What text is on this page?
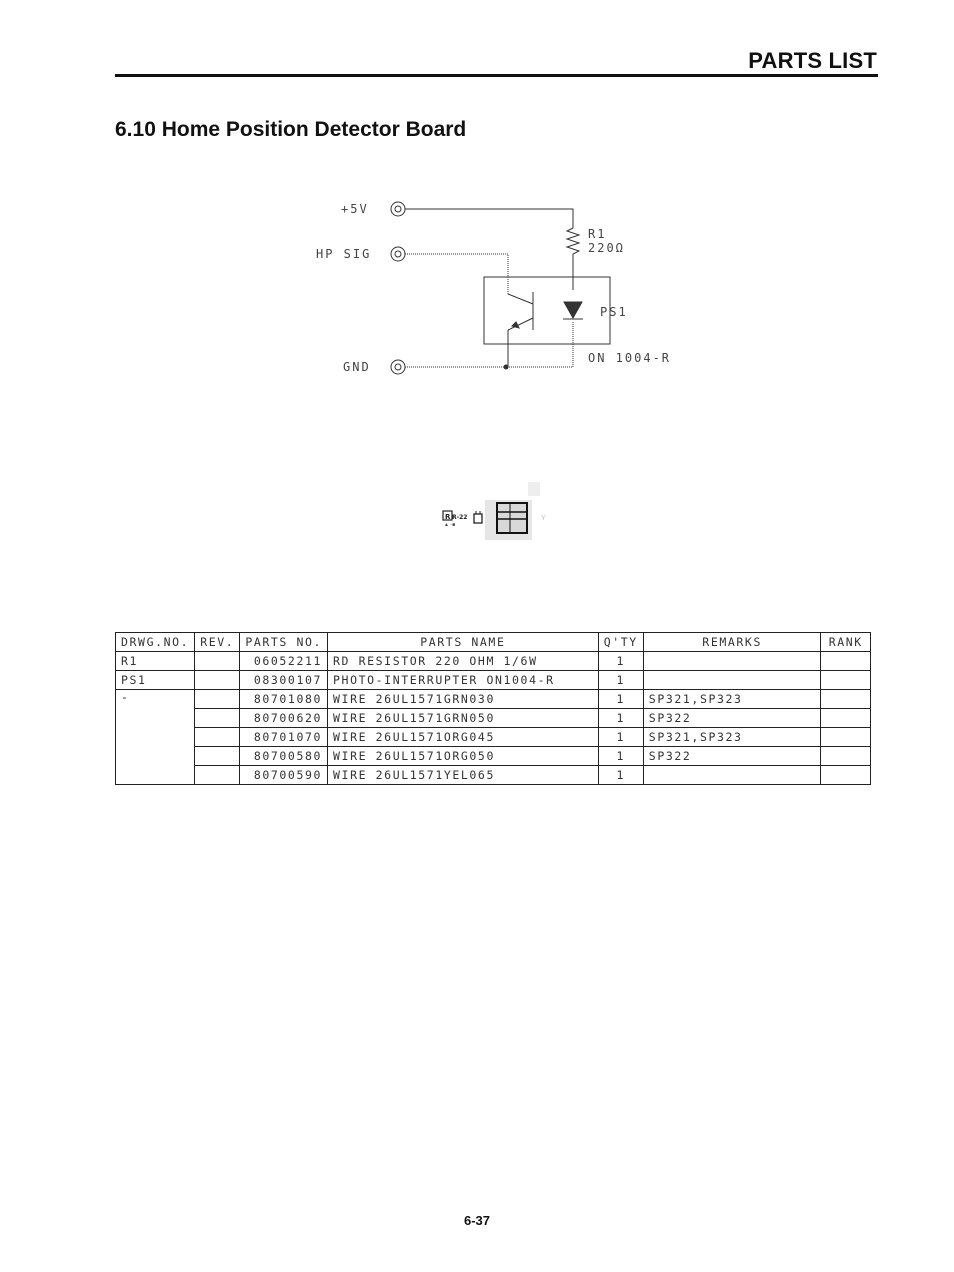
PARTS LIST
6.10 Home Position Detector Board
+5V
HP SIG
GND
R1
220Ω
PS1
ON 1004-R
R R-22
▲ ◦■
Y
DRWG.NO.	REV.	PARTS NO.	PARTS NAME	Q'TY	REMARKS	RANK
R1		06052211	RD RESISTOR 220 OHM 1/6W	1		
PS1		08300107	PHOTO-INTERRUPTER ON1004-R	1		
-		80701080	WIRE 26UL1571GRN030	1	SP321,SP323	
		80700620	WIRE 26UL1571GRN050	1	SP322	
		80701070	WIRE 26UL1571ORG045	1	SP321,SP323	
		80700580	WIRE 26UL1571ORG050	1	SP322	
		80700590	WIRE 26UL1571YEL065	1		
6-37
